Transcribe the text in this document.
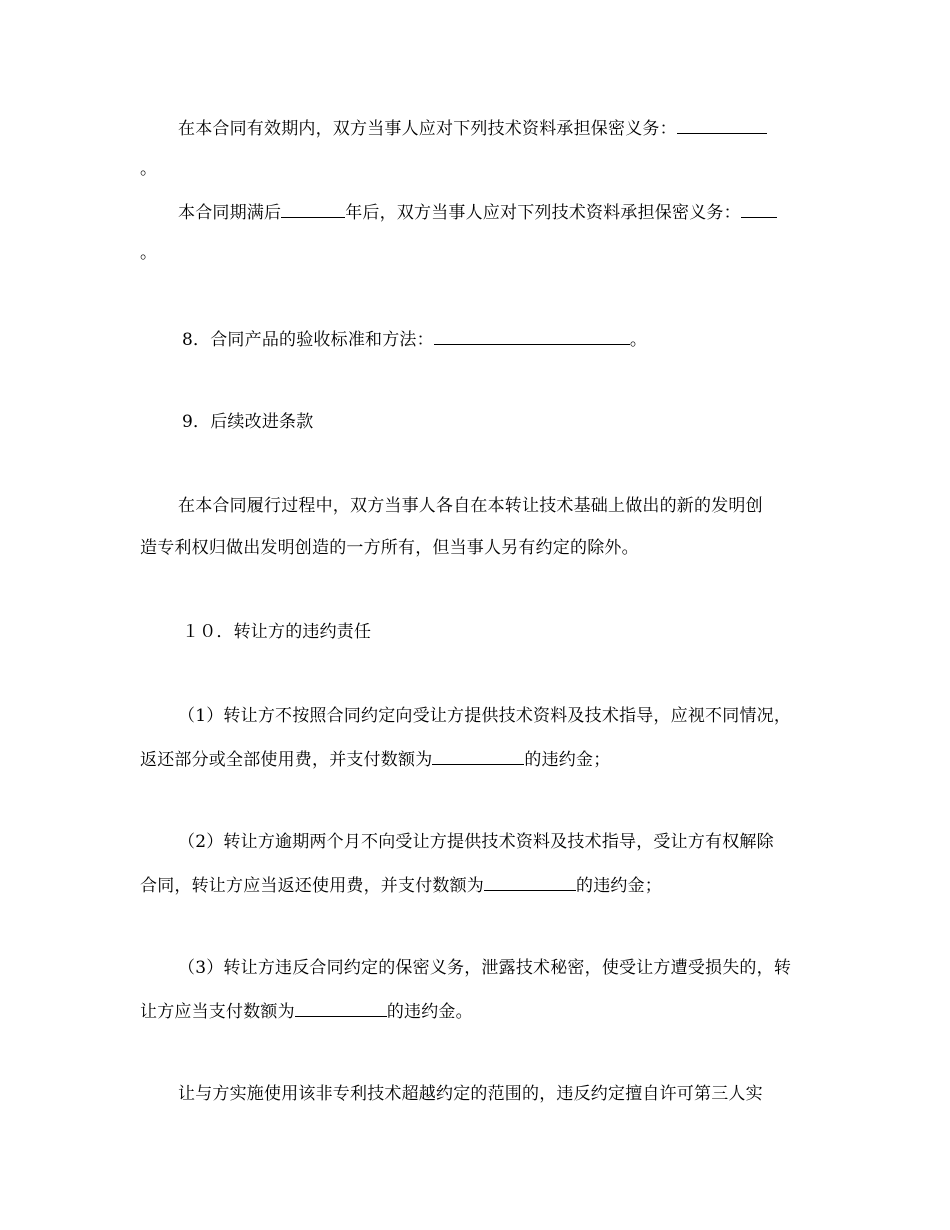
在本合同有效期内，双方当事人应对下列技术资料承担保密义务：
。
本合同期满后	年后，双方当事人应对下列技术资料承担保密义务：
。
8．合同产品的验收标准和方法：	。
9．后续改进条款
在本合同履行过程中，双方当事人各自在本转让技术基础上做出的新的发明创
造专利权归做出发明创造的一方所有，但当事人另有约定的除外。
１０．转让方的违约责任
（1）转让方不按照合同约定向受让方提供技术资料及技术指导，应视不同情况，
返还部分或全部使用费，并支付数额为	的违约金；
（2）转让方逾期两个月不向受让方提供技术资料及技术指导，受让方有权解除
合同，转让方应当返还使用费，并支付数额为	的违约金；
（3）转让方违反合同约定的保密义务，泄露技术秘密，使受让方遭受损失的，转
让方应当支付数额为	的违约金。
让与方实施使用该非专利技术超越约定的范围的，违反约定擅自许可第三人实
